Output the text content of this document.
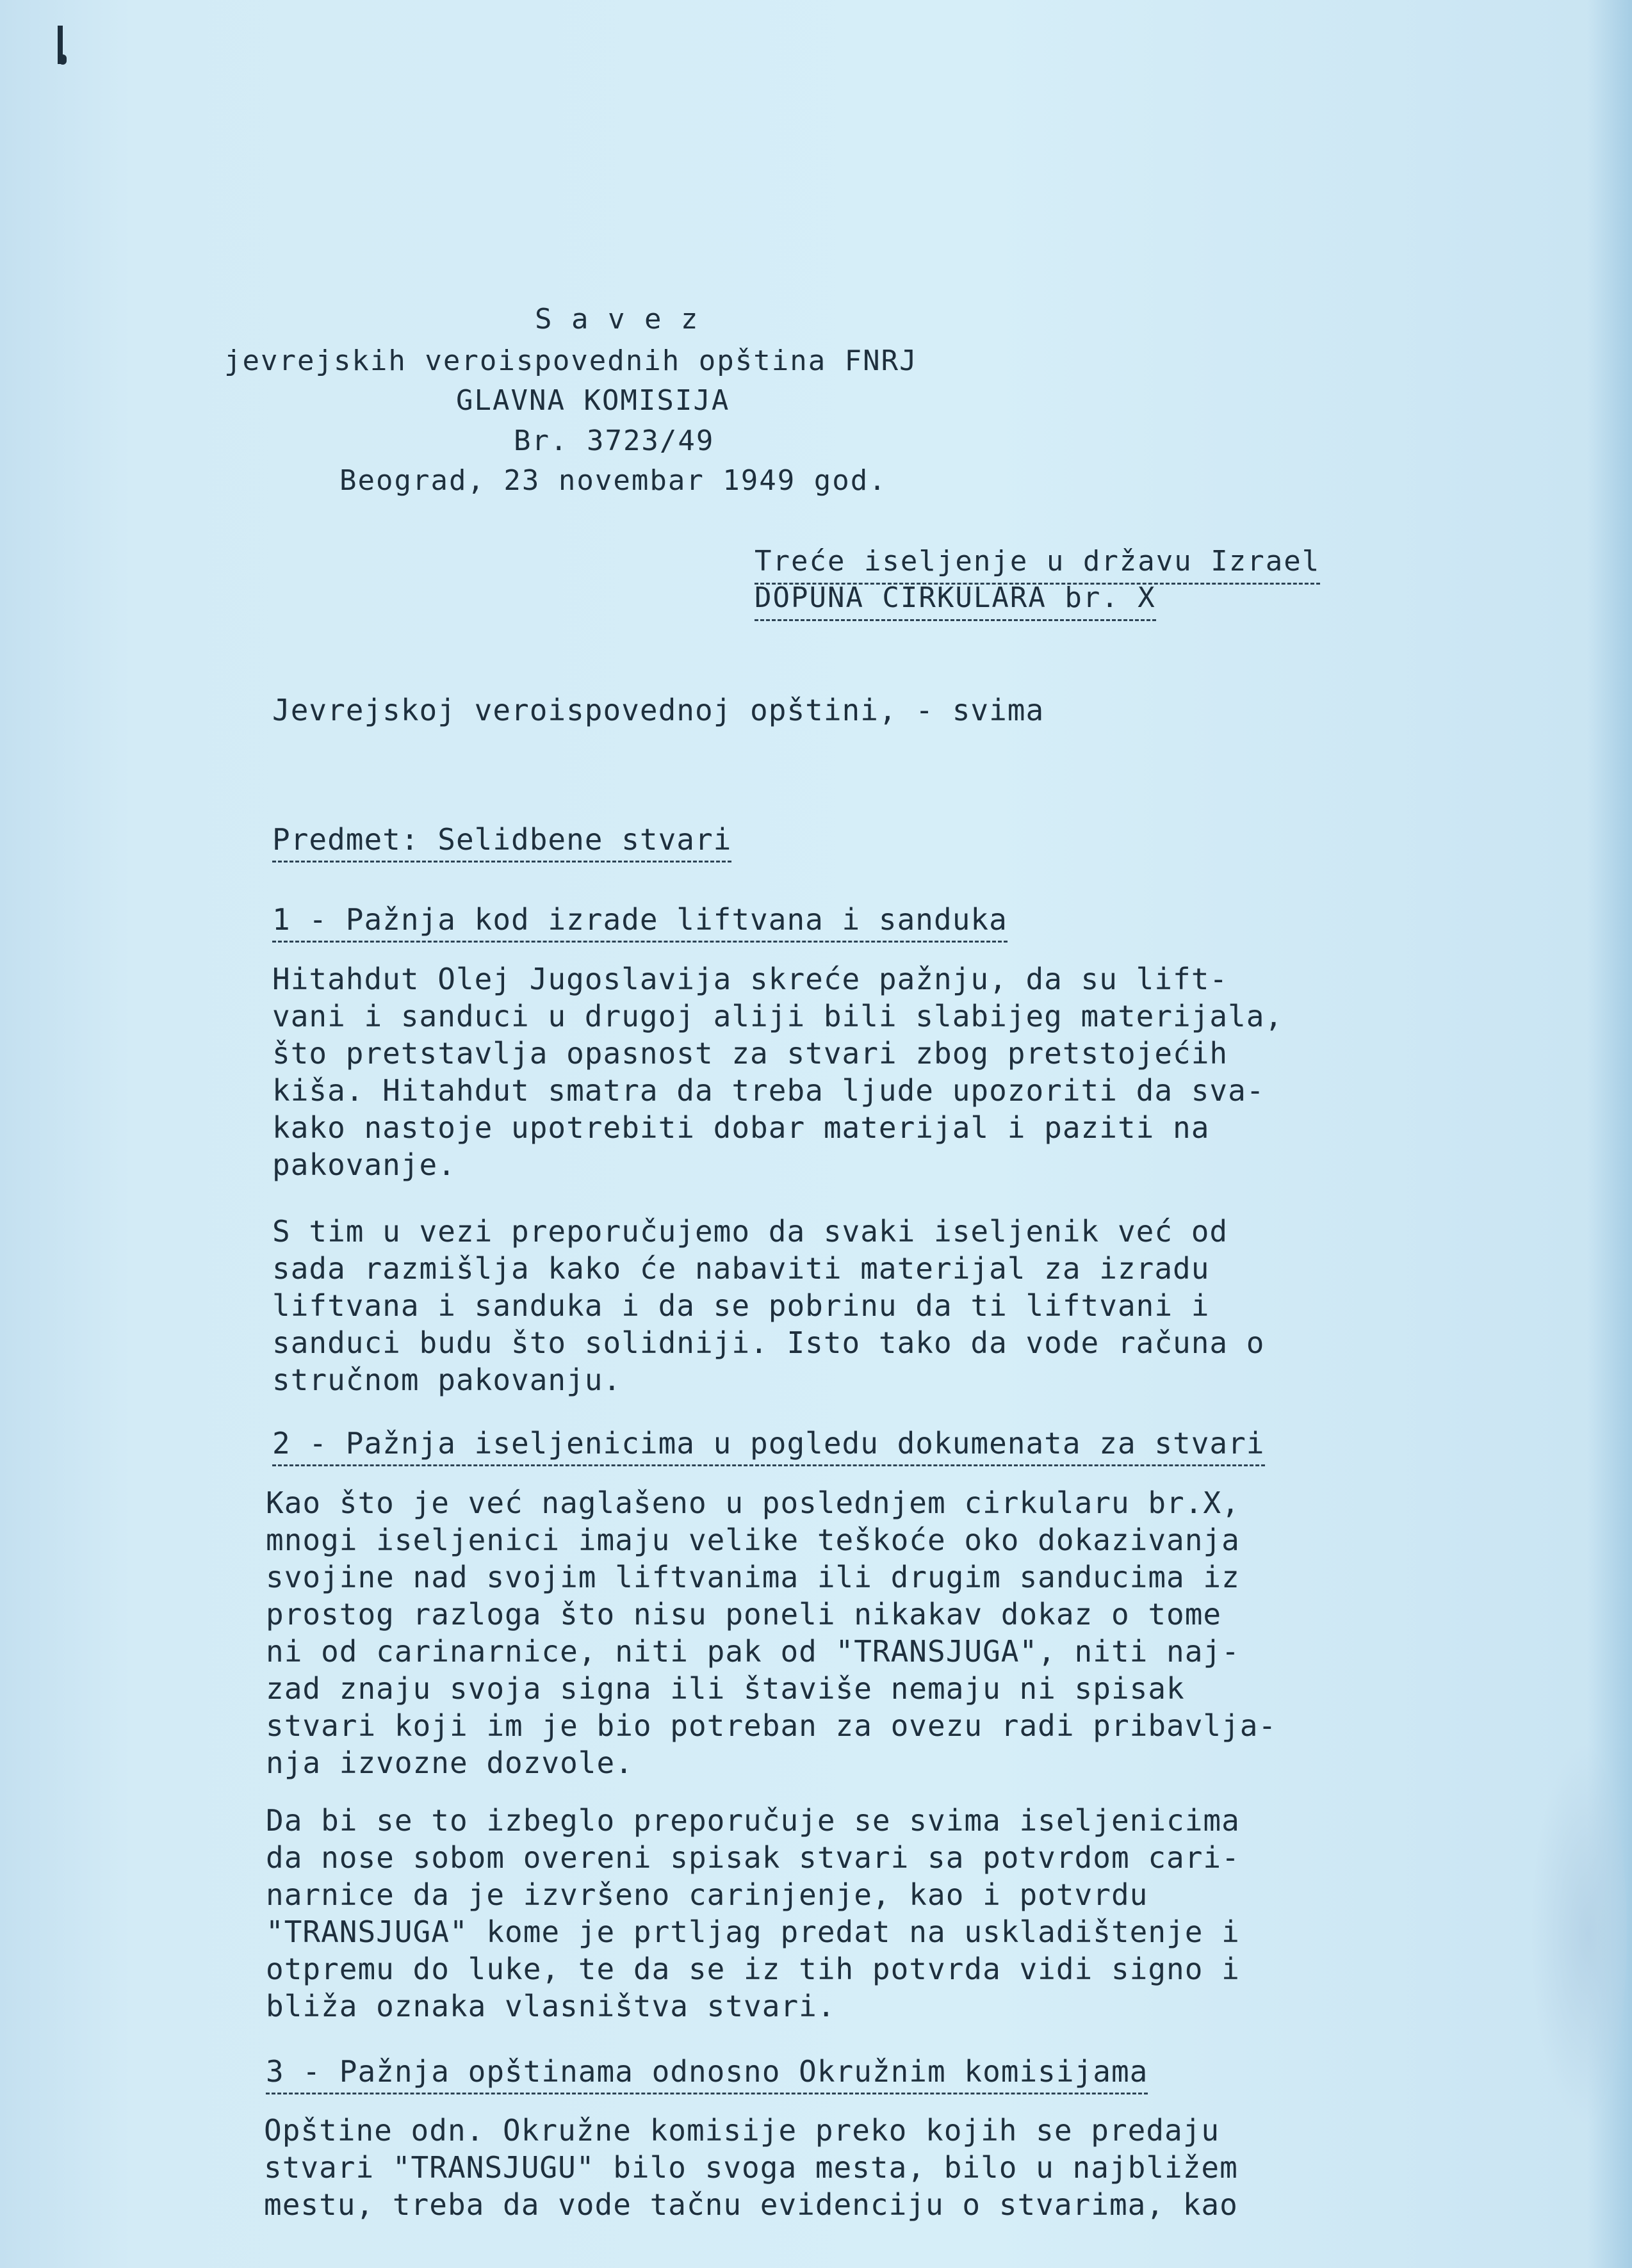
S a v e z
jevrejskih veroispovednih opština FNRJ
GLAVNA KOMISIJA
Br. 3723/49
Beograd, 23 novembar 1949 god.
Treće iseljenje u državu Izrael
DOPUNA CIRKULARA br. X
Jevrejskoj veroispovednoj opštini, - svima
Predmet: Selidbene stvari
1 - Pažnja kod izrade liftvana i sanduka
Hitahdut Olej Jugoslavija skreće pažnju, da su lift-
vani i sanduci u drugoj aliji bili slabijeg materijala,
što pretstavlja opasnost za stvari zbog pretstojećih
kiša. Hitahdut smatra da treba ljude upozoriti da sva-
kako nastoje upotrebiti dobar materijal i paziti na
pakovanje.
S tim u vezi preporučujemo da svaki iseljenik već od
sada razmišlja kako će nabaviti materijal za izradu
liftvana i sanduka i da se pobrinu da ti liftvani i
sanduci budu što solidniji. Isto tako da vode računa o
stručnom pakovanju.
2 - Pažnja iseljenicima u pogledu dokumenata za stvari
Kao što je već naglašeno u poslednjem cirkularu br.X,
mnogi iseljenici imaju velike teškoće oko dokazivanja
svojine nad svojim liftvanima ili drugim sanducima iz
prostog razloga što nisu poneli nikakav dokaz o tome
ni od carinarnice, niti pak od "TRANSJUGA", niti naj-
zad znaju svoja signa ili štaviše nemaju ni spisak
stvari koji im je bio potreban za ovezu radi pribavlja-
nja izvozne dozvole.
Da bi se to izbeglo preporučuje se svima iseljenicima
da nose sobom overeni spisak stvari sa potvrdom cari-
narnice da je izvršeno carinjenje, kao i potvrdu
"TRANSJUGA" kome je prtljag predat na uskladištenje i
otpremu do luke, te da se iz tih potvrda vidi signo i
bliža oznaka vlasništva stvari.
3 - Pažnja opštinama odnosno Okružnim komisijama
Opštine odn. Okružne komisije preko kojih se predaju
stvari "TRANSJUGU" bilo svoga mesta, bilo u najbližem
mestu, treba da vode tačnu evidenciju o stvarima, kao
